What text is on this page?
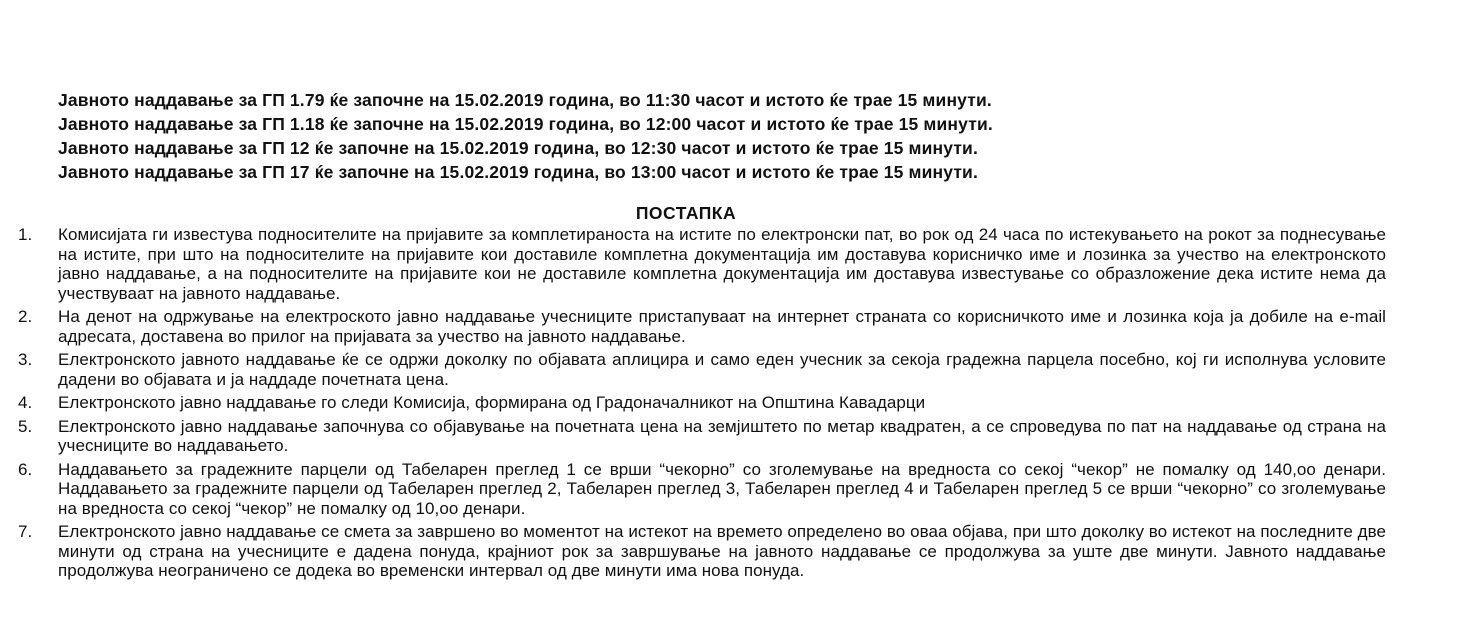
Јавното наддавање за ГП 1.79 ќе започне на 15.02.2019 година, во 11:30 часот и истото ќе трае 15 минути.
Јавното наддавање за ГП 1.18 ќе започне на 15.02.2019 година, во 12:00 часот и истото ќе трае 15 минути.
Јавното наддавање за ГП 12 ќе започне на 15.02.2019 година, во 12:30 часот и истото ќе трае 15 минути.
Јавното наддавање за ГП 17 ќе започне на 15.02.2019 година, во 13:00 часот и истото ќе трае 15 минути.
ПОСТАПКА
1.	Комисијата ги известува подносителите на пријавите за комплетираноста на истите по електронски пат, во рок од 24 часа по истекувањето на рокот за поднесување на истите, при што на подносителите на пријавите кои доставиле комплетна документација им доставува корисничко име и лозинка за учество на електронското јавно наддавање, а на подносителите на пријавите кои не доставиле комплетна документација им доставува известување со образложение дека истите нема да учествуваат на јавното наддавање.
2.	На денот на одржување на електроското јавно наддавање учесниците пристапуваат на интернет страната со корисничкото име и лозинка која ја добиле на e-mail адресата, доставена во прилог на пријавата за учество на јавното наддавање.
3.	Електронското јавното наддавање ќе се одржи доколку по објавата аплицира и само еден учесник за секоја градежна парцела посебно, кој ги исполнува условите дадени во објавата и ја наддаде почетната цена.
4.	Електронското јавно наддавање го следи Комисија, формирана од Градоначалникот на Општина Кавадарци
5.	Електронското јавно наддавање започнува со објавување на почетната цена на земјиштето по метар квадратен, а се спроведува по пат на наддавање од страна на учесниците во наддавањето.
6.	Наддавањето за градежните парцели од Табеларен преглед 1 се врши “чекорно” со зголемување на вредноста со секој “чекор” не помалку од 140,оо денари. Наддавањето за градежните парцели од Табеларен преглед 2, Табеларен преглед 3, Табеларен преглед 4 и Табеларен преглед 5 се врши “чекорно” со зголемување на вредноста со секој “чекор” не помалку од 10,оо денари.
7.	Електронското јавно наддавање се смета за завршено во моментот на истекот на времето определено во оваа објава, при што доколку во истекот на последните две минути од страна на учесниците е дадена понуда, крајниот рок за завршување на јавното наддавање се продолжува за уште две минути. Јавното наддавање продолжува неограничено се додека во временски интервал од две минути има нова понуда.
